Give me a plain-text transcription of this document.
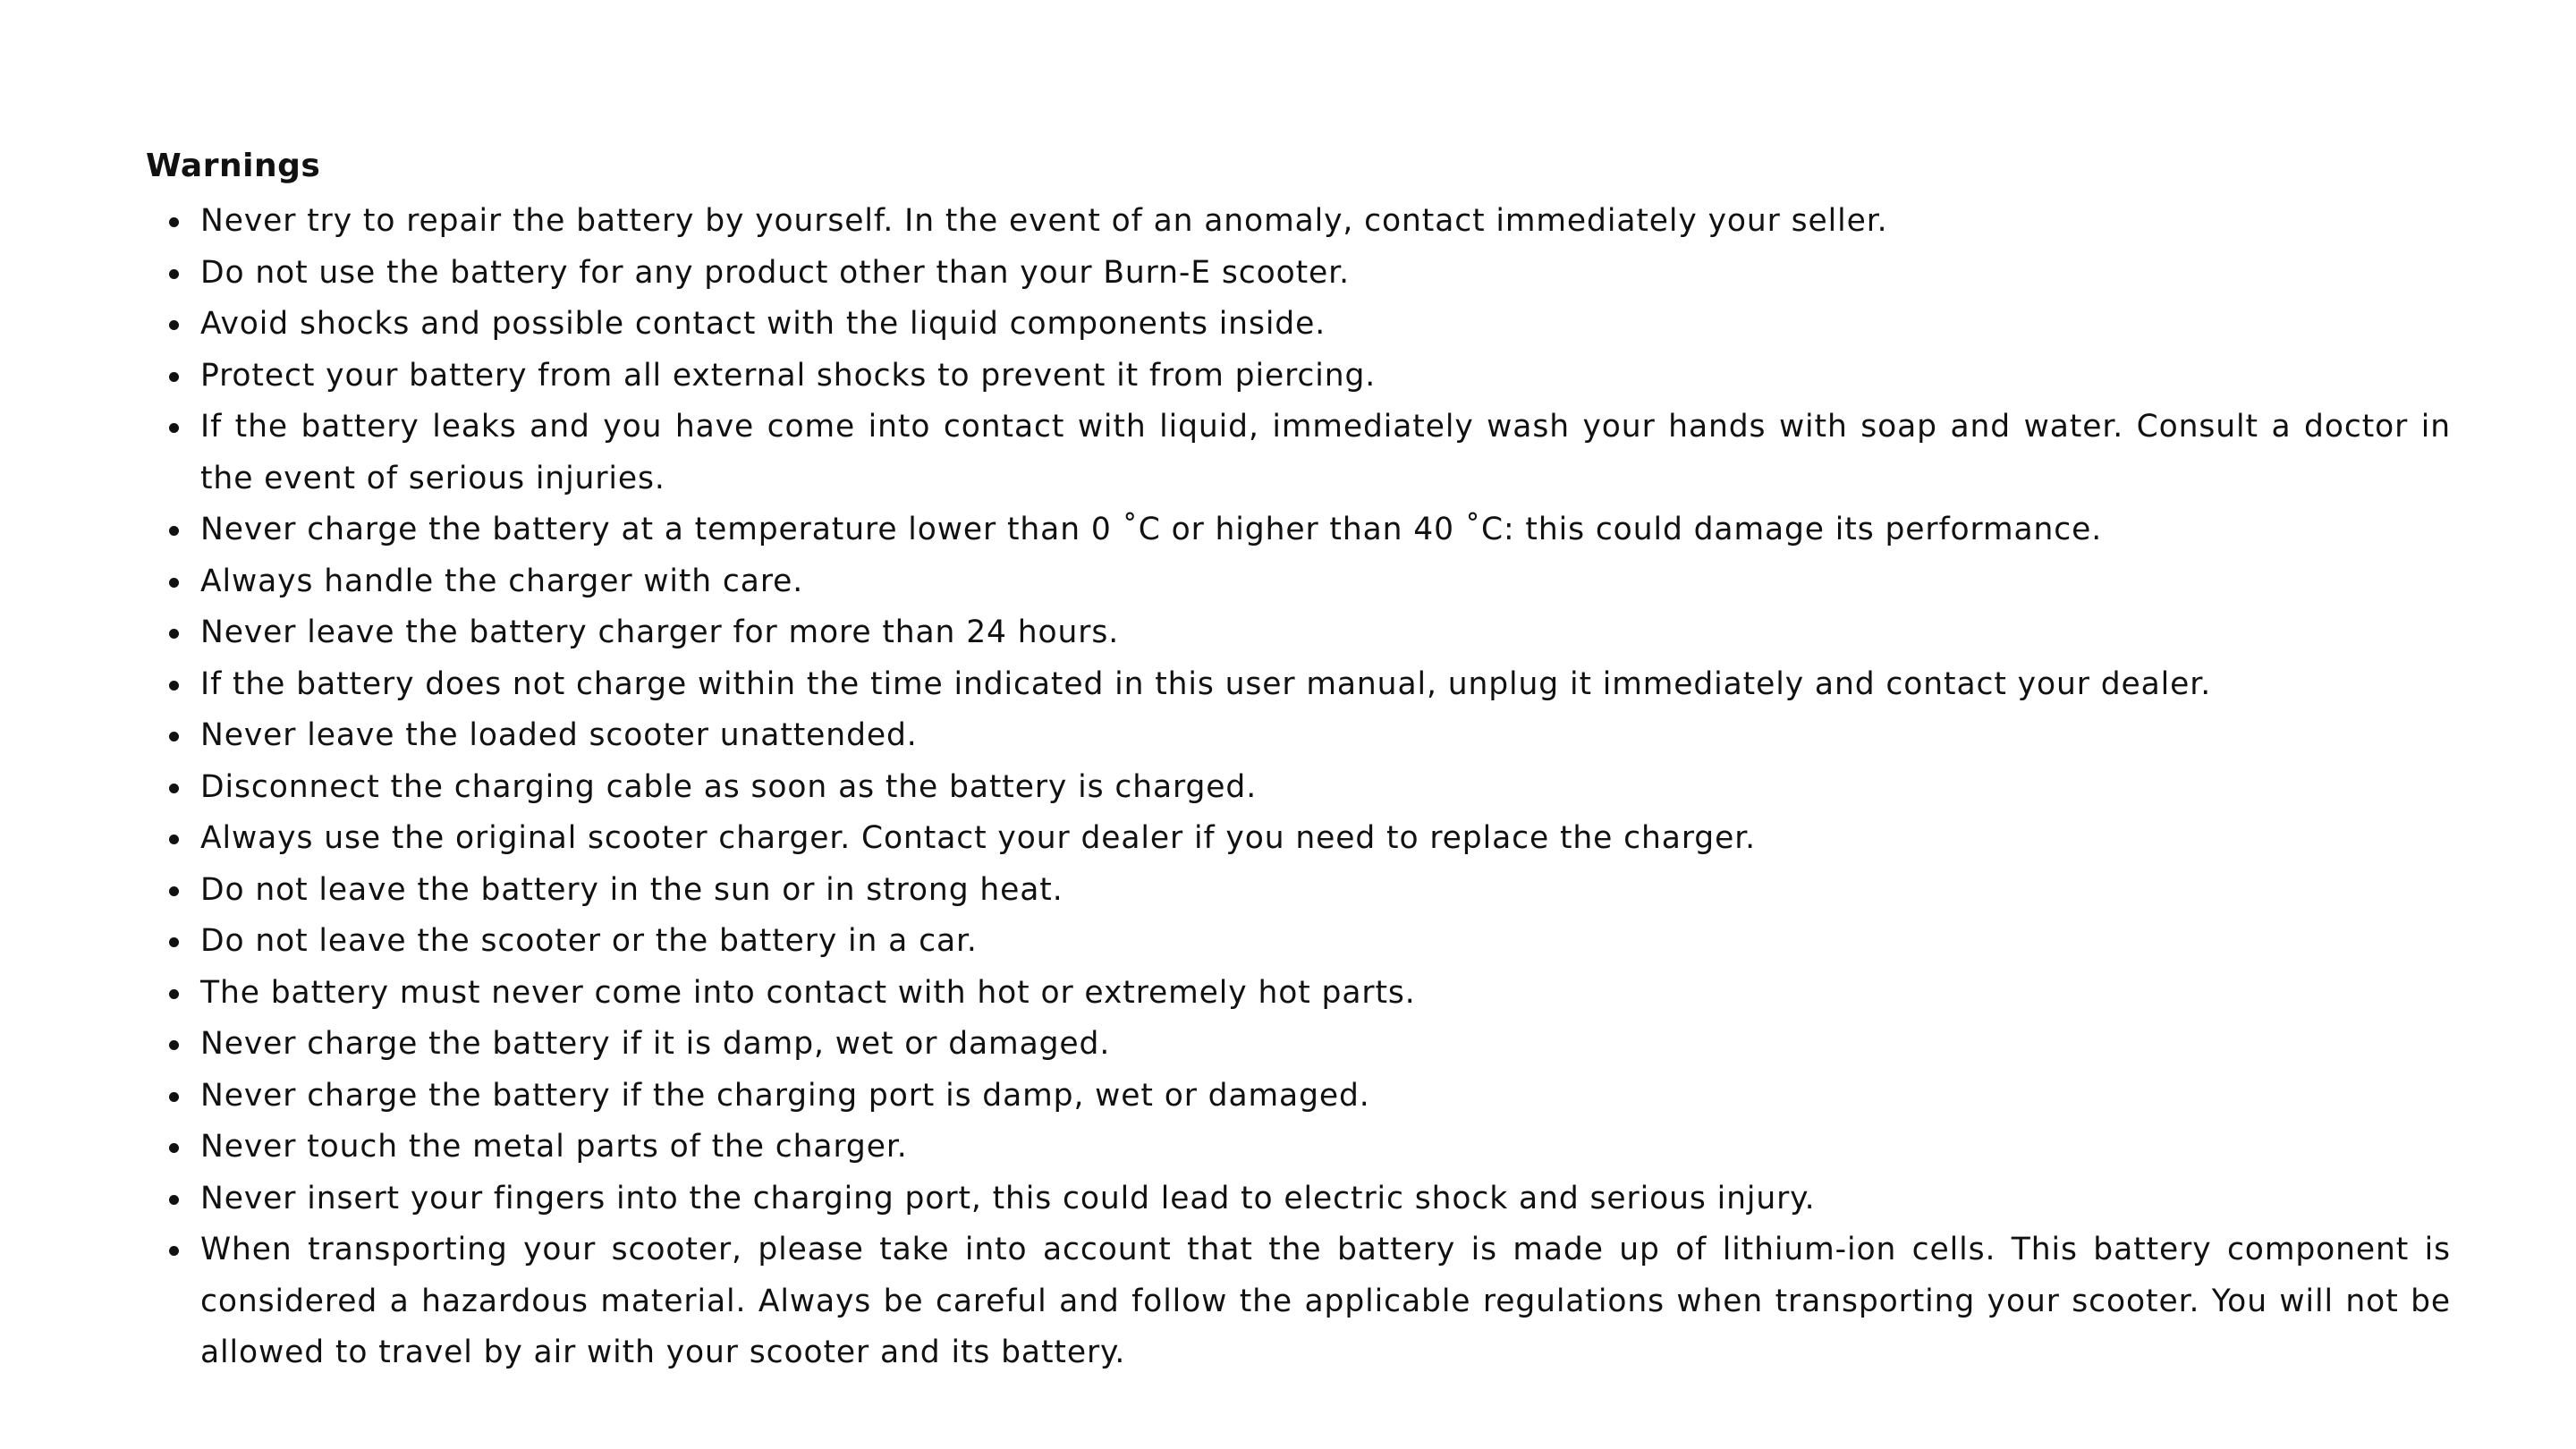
Warnings
Never try to repair the battery by yourself. In the event of an anomaly, contact immediately your seller.
Do not use the battery for any product other than your Burn-E scooter.
Avoid shocks and possible contact with the liquid components inside.
Protect your battery from all external shocks to prevent it from piercing.
If the battery leaks and you have come into contact with liquid, immediately wash your hands with soap and water. Consult a doctor in the event of serious injuries.
Never charge the battery at a temperature lower than 0 ˚C or higher than 40 ˚C: this could damage its performance.
Always handle the charger with care.
Never leave the battery charger for more than 24 hours.
If the battery does not charge within the time indicated in this user manual, unplug it immediately and contact your dealer.
Never leave the loaded scooter unattended.
Disconnect the charging cable as soon as the battery is charged.
Always use the original scooter charger. Contact your dealer if you need to replace the charger.
Do not leave the battery in the sun or in strong heat.
Do not leave the scooter or the battery in a car.
The battery must never come into contact with hot or extremely hot parts.
Never charge the battery if it is damp, wet or damaged.
Never charge the battery if the charging port is damp, wet or damaged.
Never touch the metal parts of the charger.
Never insert your fingers into the charging port, this could lead to electric shock and serious injury.
When transporting your scooter, please take into account that the battery is made up of lithium-ion cells. This battery component is considered a hazardous material. Always be careful and follow the applicable regulations when transporting your scooter. You will not be allowed to travel by air with your scooter and its battery.
